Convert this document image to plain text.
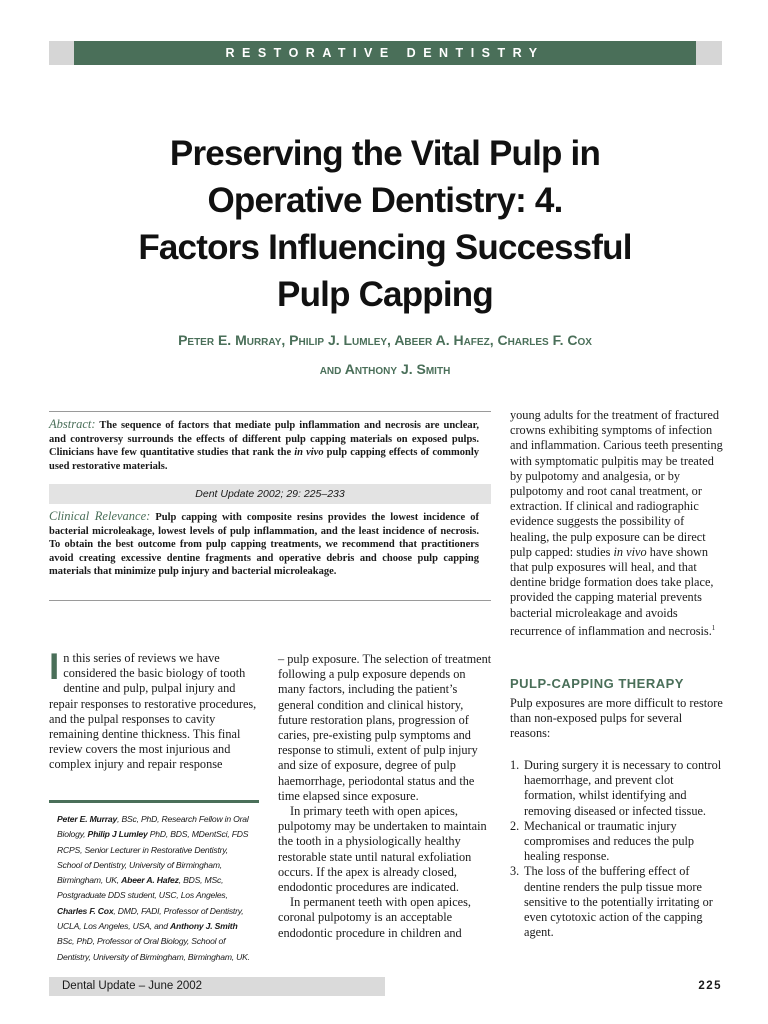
RESTORATIVE DENTISTRY
Preserving the Vital Pulp in
Operative Dentistry: 4.
Factors Influencing Successful
Pulp Capping
Peter E. Murray, Philip J. Lumley, Abeer A. Hafez, Charles F. Cox
and Anthony J. Smith

Abstract: The sequence of factors that mediate pulp inflammation and necrosis are unclear, and controversy surrounds the effects of different pulp capping materials on exposed pulps. Clinicians have few quantitative studies that rank the in vivo pulp capping effects of commonly used restorative materials.

Dent Update 2002; 29: 225–233

Clinical Relevance: Pulp capping with composite resins provides the lowest incidence of bacterial microleakage, lowest levels of pulp inflammation, and the least incidence of necrosis. To obtain the best outcome from pulp capping treatments, we recommend that practitioners avoid creating excessive dentine fragments and operative debris and choose pulp capping materials that minimize pulp injury and bacterial microleakage.

In this series of reviews we have considered the basic biology of tooth dentine and pulp, pulpal injury and repair responses to restorative procedures, and the pulpal responses to cavity remaining dentine thickness. This final review covers the most injurious and complex injury and repair response

Peter E. Murray, BSc, PhD, Research Fellow in Oral Biology, Philip J Lumley PhD, BDS, MDentSci, FDS RCPS, Senior Lecturer in Restorative Dentistry, School of Dentistry, University of Birmingham, Birmingham, UK, Abeer A. Hafez, BDS, MSc, Postgraduate DDS student, USC, Los Angeles, Charles F. Cox, DMD, FADI, Professor of Dentistry, UCLA, Los Angeles, USA, and Anthony J. Smith BSc, PhD, Professor of Oral Biology, School of Dentistry, University of Birmingham, Birmingham, UK.

– pulp exposure. The selection of treatment following a pulp exposure depends on many factors, including the patient’s general condition and clinical history, future restoration plans, progression of caries, pre-existing pulp symptoms and response to stimuli, extent of pulp injury and size of exposure, degree of pulp haemorrhage, periodontal status and the time elapsed since exposure.

In primary teeth with open apices, pulpotomy may be undertaken to maintain the tooth in a physiologically healthy restorable state until natural exfoliation occurs. If the apex is already closed, endodontic procedures are indicated.

In permanent teeth with open apices, coronal pulpotomy is an acceptable endodontic procedure in children and

young adults for the treatment of fractured crowns exhibiting symptoms of infection and inflammation. Carious teeth presenting with symptomatic pulpitis may be treated by pulpotomy and analgesia, or by pulpotomy and root canal treatment, or extraction. If clinical and radiographic evidence suggests the possibility of healing, the pulp exposure can be direct pulp capped: studies in vivo have shown that pulp exposures will heal, and that dentine bridge formation does take place, provided the capping material prevents bacterial microleakage and avoids recurrence of inflammation and necrosis.$^1$

PULP-CAPPING THERAPY

Pulp exposures are more difficult to restore than non-exposed pulps for several reasons:

1. During surgery it is necessary to control haemorrhage, and prevent clot formation, whilst identifying and removing diseased or infected tissue.
2. Mechanical or traumatic injury compromises and reduces the pulp healing response.
3. The loss of the buffering effect of dentine renders the pulp tissue more sensitive to the potentially irritating or even cytotoxic action of the capping agent.
Dental Update – June 2002	225
